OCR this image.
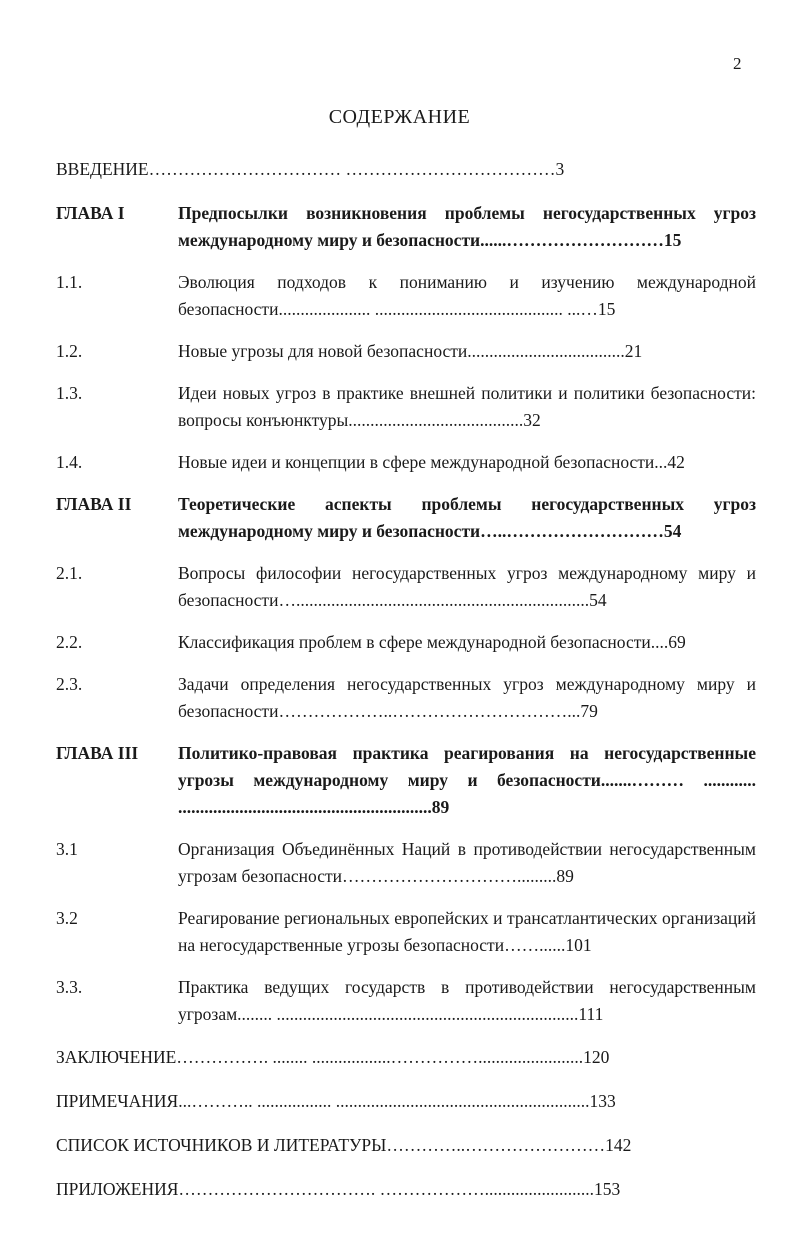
2
СОДЕРЖАНИЕ
ВВЕДЕНИЕ…………………………… ………………………………3
ГЛАВА I	Предпосылки возникновения проблемы негосударственных угроз международному миру и безопасности......………………………15
1.1.	Эволюция подходов к пониманию и изучению международной безопасности..................... ........................................... ...…15
1.2.	Новые угрозы для новой безопасности....................................21
1.3.	Идеи новых угроз в практике внешней политики и политики безопасности: вопросы конъюнктуры........................................32
1.4.	Новые идеи и концепции в сфере международной безопасности...42
ГЛАВА II	Теоретические аспекты проблемы негосударственных угроз международному миру и безопасности…..………………………54
2.1.	Вопросы философии негосударственных угроз международному миру и безопасности…...................................................................54
2.2.	Классификация проблем в сфере международной безопасности....69
2.3.	Задачи определения негосударственных угроз международному миру и безопасности………………..…………………………...79
ГЛАВА III	Политико-правовая практика реагирования на негосударственные угрозы международному миру и безопасности.......……… ............ ..........................................................89
3.1	Организация Объединённых Наций в противодействии негосударственным угрозам безопасности………………………….........89
3.2	Реагирование региональных европейских и трансатлантических организаций на негосударственные угрозы безопасности……......101
3.3.	Практика ведущих государств в противодействии негосударственным угрозам........ .....................................................................111
ЗАКЛЮЧЕНИЕ……………. ........ ..................……………........................120
ПРИМЕЧАНИЯ...……….. ................. ..........................................................133
СПИСОК ИСТОЧНИКОВ И ЛИТЕРАТУРЫ…………..……………………142
ПРИЛОЖЕНИЯ……………………………. ……………….........................153
